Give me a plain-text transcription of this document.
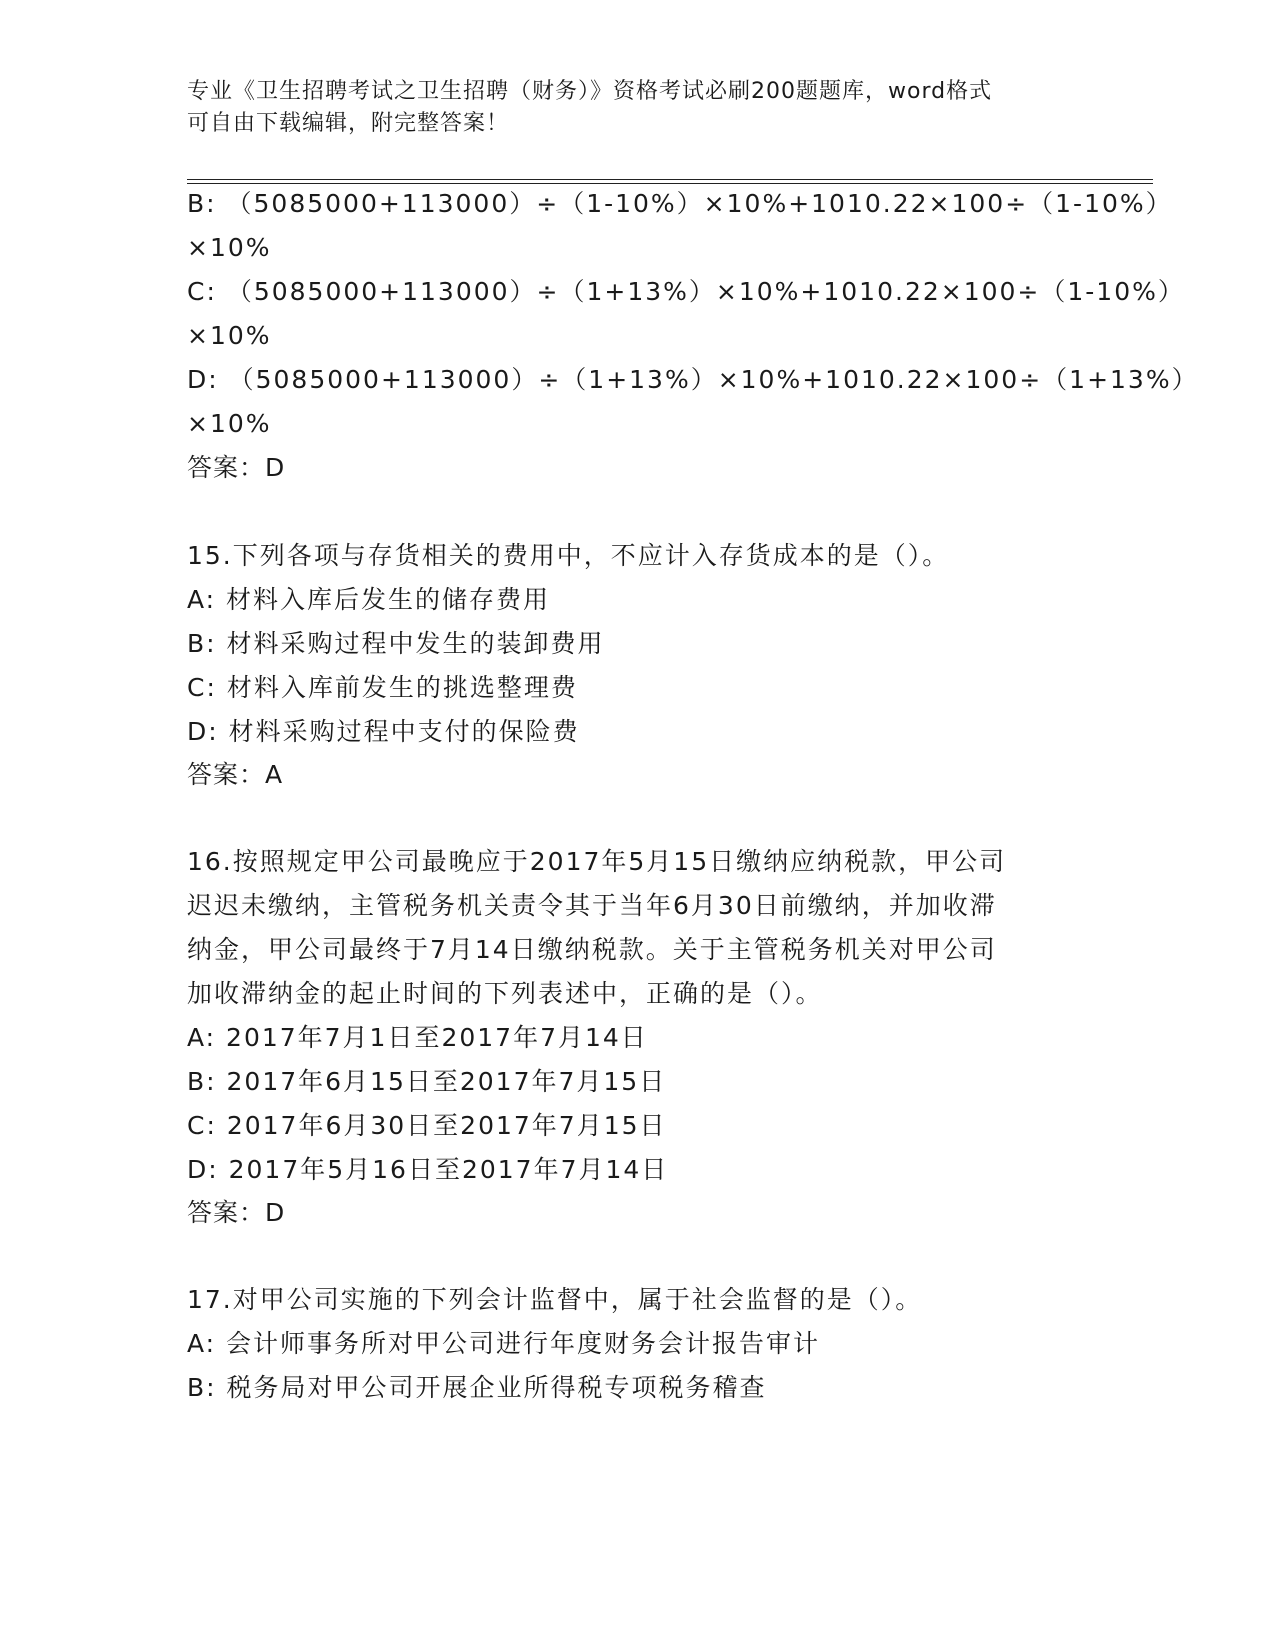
专业《卫生招聘考试之卫生招聘（财务）》资格考试必刷200题题库，word格式
可自由下载编辑，附完整答案！

B: （5085000+113000）÷（1-10%）×10%+1010.22×100÷（1-10%）
×10%
C: （5085000+113000）÷（1+13%）×10%+1010.22×100÷（1-10%）
×10%
D: （5085000+113000）÷（1+13%）×10%+1010.22×100÷（1+13%）
×10%
答案：D
15.下列各项与存货相关的费用中，不应计入存货成本的是（）。
A: 材料入库后发生的储存费用
B: 材料采购过程中发生的装卸费用
C: 材料入库前发生的挑选整理费
D: 材料采购过程中支付的保险费
答案：A
16.按照规定甲公司最晚应于2017年5月15日缴纳应纳税款，甲公司
迟迟未缴纳，主管税务机关责令其于当年6月30日前缴纳，并加收滞
纳金，甲公司最终于7月14日缴纳税款。关于主管税务机关对甲公司
加收滞纳金的起止时间的下列表述中，正确的是（）。
A: 2017年7月1日至2017年7月14日
B: 2017年6月15日至2017年7月15日
C: 2017年6月30日至2017年7月15日
D: 2017年5月16日至2017年7月14日
答案：D
17.对甲公司实施的下列会计监督中，属于社会监督的是（）。
A: 会计师事务所对甲公司进行年度财务会计报告审计
B: 税务局对甲公司开展企业所得税专项税务稽查
